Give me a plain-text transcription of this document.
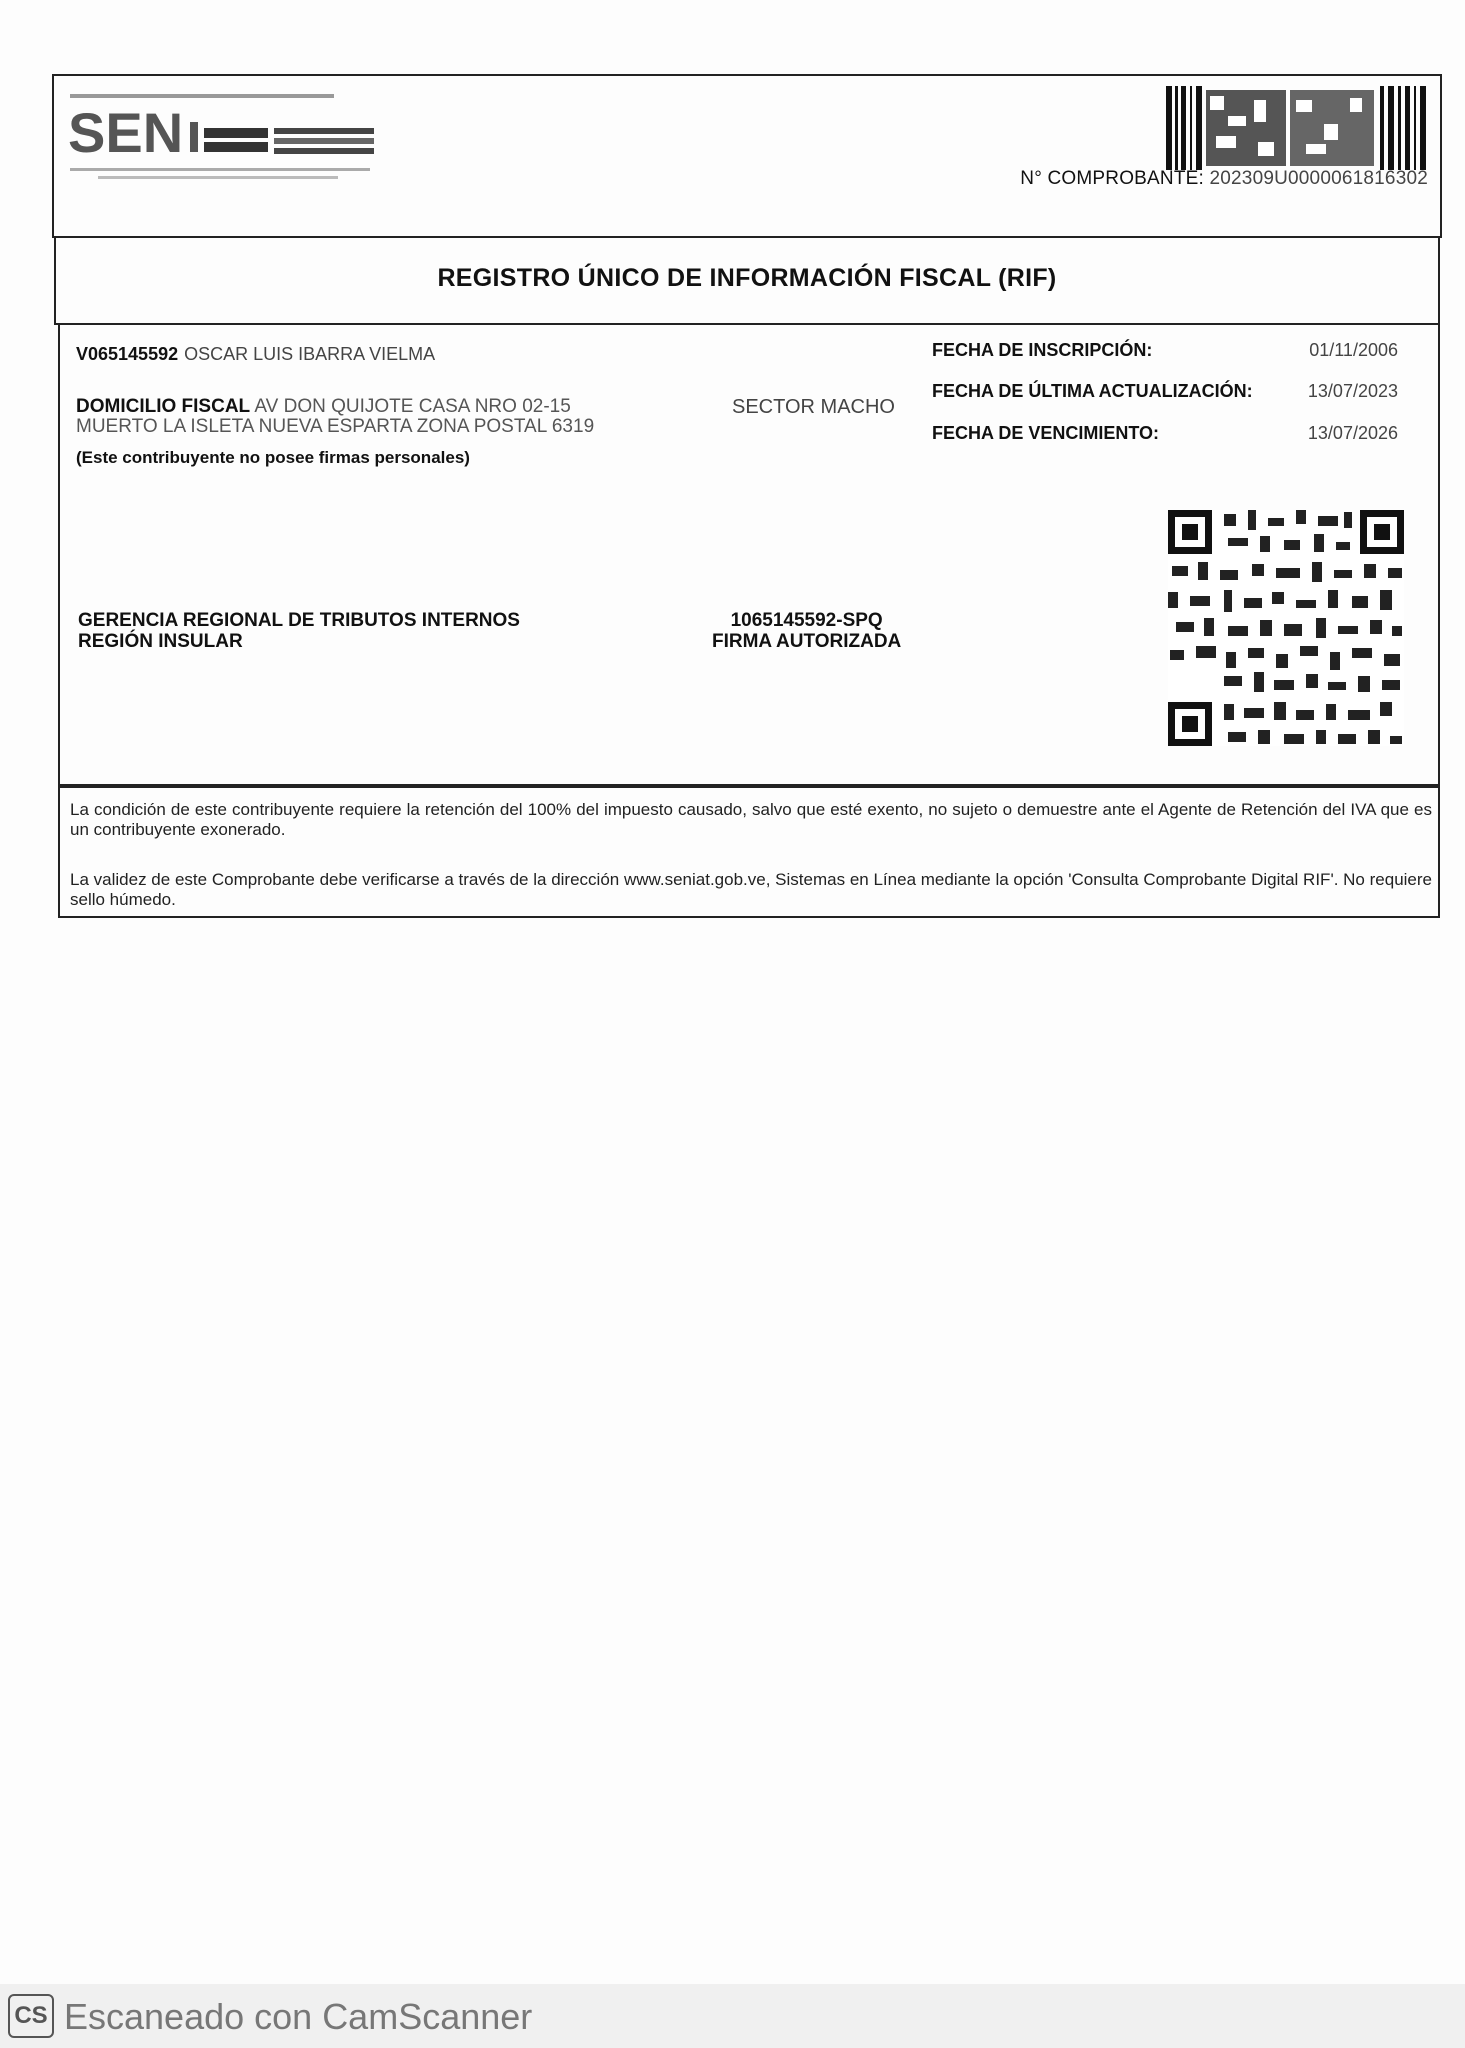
SEN
N° COMPROBANTE: 202309U0000061816302
REGISTRO ÚNICO DE INFORMACIÓN FISCAL (RIF)
V065145592 OSCAR LUIS IBARRA VIELMA
DOMICILIO FISCAL AV DON QUIJOTE CASA NRO 02-15	SECTOR MACHO
MUERTO LA ISLETA NUEVA ESPARTA ZONA POSTAL 6319
(Este contribuyente no posee firmas personales)
FECHA DE INSCRIPCIÓN:	01/11/2006
FECHA DE ÚLTIMA ACTUALIZACIÓN:	13/07/2023
FECHA DE VENCIMIENTO:	13/07/2026
GERENCIA REGIONAL DE TRIBUTOS INTERNOS
REGIÓN INSULAR
1065145592-SPQ
FIRMA AUTORIZADA
La condición de este contribuyente requiere la retención del 100% del impuesto causado, salvo que esté exento, no sujeto o demuestre ante el Agente de Retención del IVA que es un contribuyente exonerado.
La validez de este Comprobante debe verificarse a través de la dirección www.seniat.gob.ve, Sistemas en Línea mediante la opción 'Consulta Comprobante Digital RIF'. No requiere sello húmedo.
CS Escaneado con CamScanner
